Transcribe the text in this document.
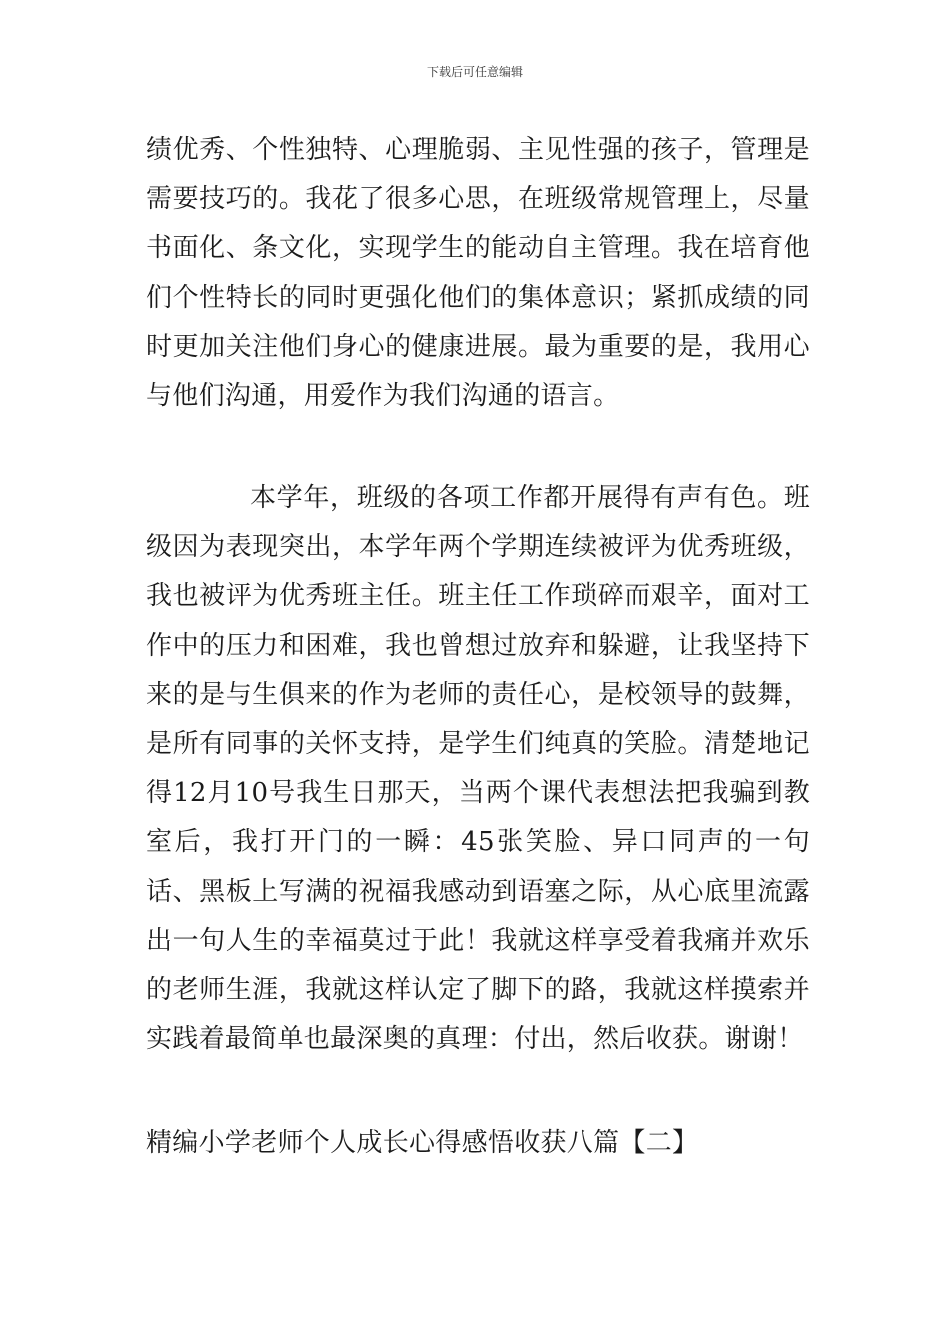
下载后可任意编辑

绩优秀、个性独特、心理脆弱、主见性强的孩子，管理是需要技巧的。我花了很多心思，在班级常规管理上，尽量书面化、条文化，实现学生的能动自主管理。我在培育他们个性特长的同时更强化他们的集体意识；紧抓成绩的同时更加关注他们身心的健康进展。最为重要的是，我用心与他们沟通，用爱作为我们沟通的语言。

本学年，班级的各项工作都开展得有声有色。班级因为表现突出，本学年两个学期连续被评为优秀班级，我也被评为优秀班主任。班主任工作琐碎而艰辛，面对工作中的压力和困难，我也曾想过放弃和躲避，让我坚持下来的是与生俱来的作为老师的责任心，是校领导的鼓舞，是所有同事的关怀支持，是学生们纯真的笑脸。清楚地记得12月10号我生日那天，当两个课代表想法把我骗到教室后，我打开门的一瞬：45张笑脸、异口同声的一句话、黑板上写满的祝福我感动到语塞之际，从心底里流露出一句人生的幸福莫过于此！我就这样享受着我痛并欢乐的老师生涯，我就这样认定了脚下的路，我就这样摸索并实践着最简单也最深奥的真理：付出，然后收获。谢谢！

精编小学老师个人成长心得感悟收获八篇【二】
